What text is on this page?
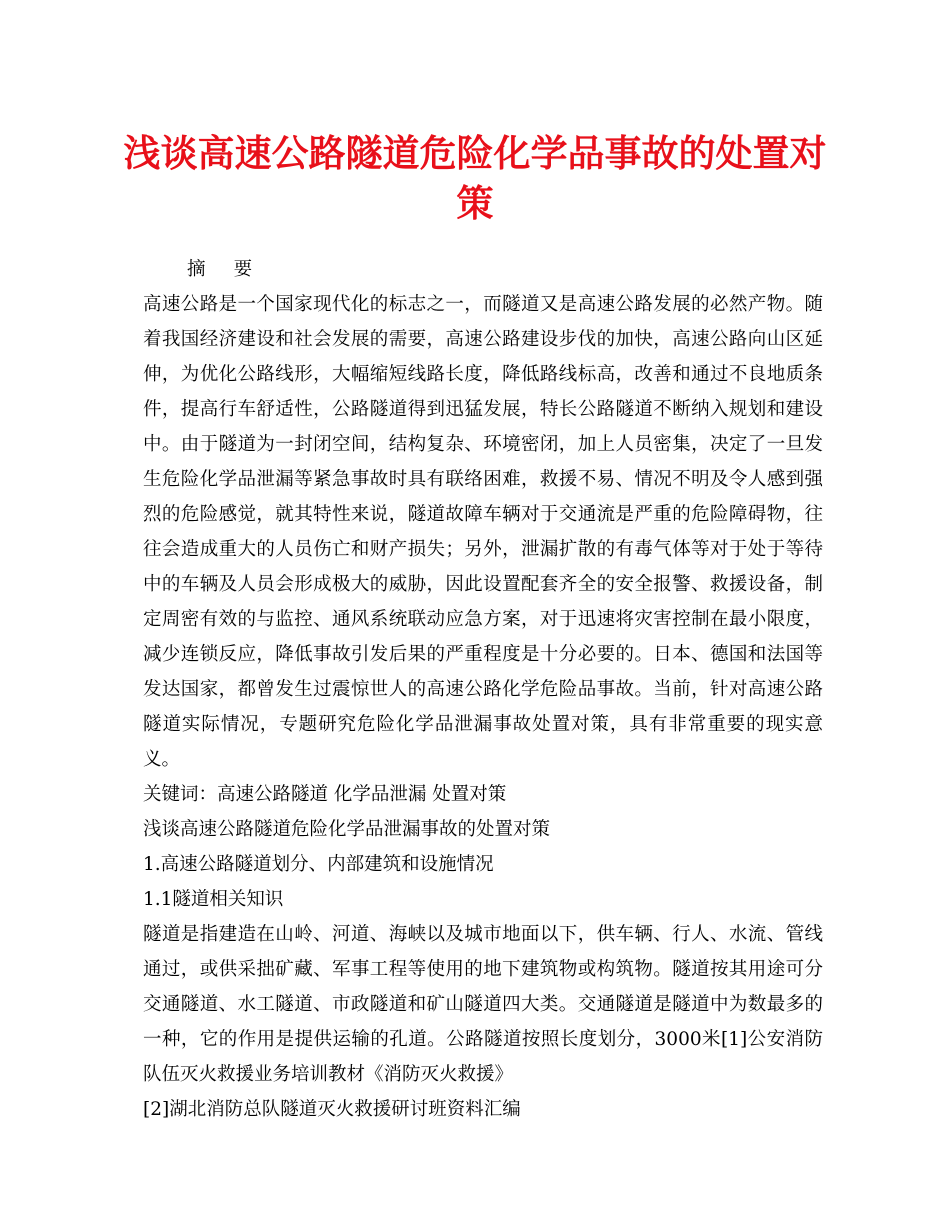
浅谈高速公路隧道危险化学品事故的处置对策

摘 要

高速公路是一个国家现代化的标志之一，而隧道又是高速公路发展的必然产物。随着我国经济建设和社会发展的需要，高速公路建设步伐的加快，高速公路向山区延伸，为优化公路线形，大幅缩短线路长度，降低路线标高，改善和通过不良地质条件，提高行车舒适性，公路隧道得到迅猛发展，特长公路隧道不断纳入规划和建设中。由于隧道为一封闭空间，结构复杂、环境密闭，加上人员密集，决定了一旦发生危险化学品泄漏等紧急事故时具有联络困难，救援不易、情况不明及令人感到强烈的危险感觉，就其特性来说，隧道故障车辆对于交通流是严重的危险障碍物，往往会造成重大的人员伤亡和财产损失；另外，泄漏扩散的有毒气体等对于处于等待中的车辆及人员会形成极大的威胁，因此设置配套齐全的安全报警、救援设备，制定周密有效的与监控、通风系统联动应急方案，对于迅速将灾害控制在最小限度，减少连锁反应，降低事故引发后果的严重程度是十分必要的。日本、德国和法国等发达国家，都曾发生过震惊世人的高速公路化学危险品事故。当前，针对高速公路隧道实际情况，专题研究危险化学品泄漏事故处置对策，具有非常重要的现实意义。

关键词：高速公路隧道 化学品泄漏 处置对策

浅谈高速公路隧道危险化学品泄漏事故的处置对策

1.高速公路隧道划分、内部建筑和设施情况

1.1隧道相关知识

隧道是指建造在山岭、河道、海峡以及城市地面以下，供车辆、行人、水流、管线通过，或供采拙矿藏、军事工程等使用的地下建筑物或构筑物。隧道按其用途可分交通隧道、水工隧道、市政隧道和矿山隧道四大类。交通隧道是隧道中为数最多的一种，它的作用是提供运输的孔道。公路隧道按照长度划分，3000米[1]公安消防队伍灭火救援业务培训教材《消防灭火救援》

[2]湖北消防总队隧道灭火救援研讨班资料汇编
